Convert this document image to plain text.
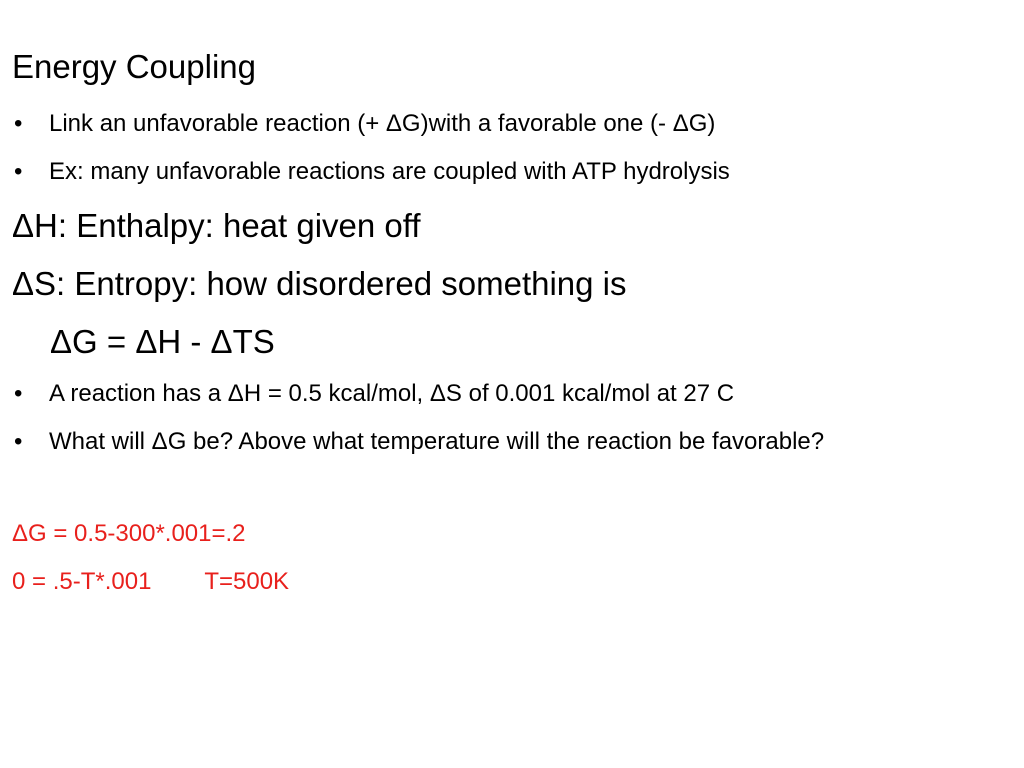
Energy Coupling
•	Link an unfavorable reaction (+ ΔG)with a favorable one (- ΔG)
•	Ex: many unfavorable reactions are coupled with ATP hydrolysis
ΔH: Enthalpy: heat given off
ΔS: Entropy: how disordered something is
ΔG = ΔH - ΔTS
•	A reaction has a ΔH = 0.5 kcal/mol, ΔS of 0.001 kcal/mol at 27 C
•	What will ΔG be? Above what temperature will the reaction be favorable?
ΔG = 0.5-300*.001=.2
0 = .5-T*.001        T=500K
